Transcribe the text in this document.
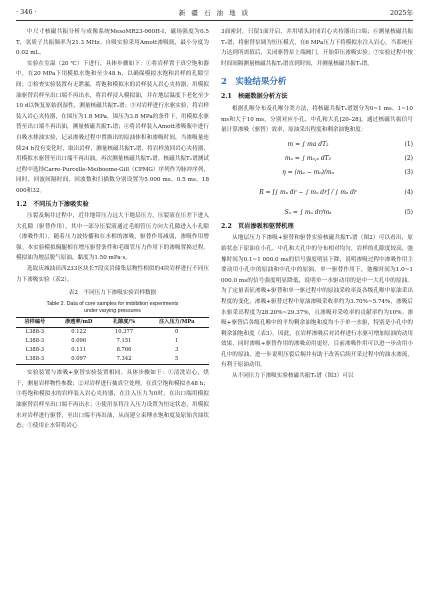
· 346 ·	新 疆 石 油 地 质	2025年

中尺寸核磁共振分析与成像系统MesoMR23-060H-I，磁场强度为0.5 T，氢质子共振频率为21.3 MHz。自吸实验采用Amott渗吸瓶，最小分度为0.02 mL。

实验在室温（20 ℃）下进行，具体步骤如下：①将岩样置于真空饱和器中，在20 MPa下用模拟水饱和至少48 h，以确保模拟水饱和岩样的孔隙空间；②检查实验装置有无泄漏，将饱和模拟水的岩样装入岩心夹持器，用模拟油驱替岩样至出口端不再出水，将岩样浸入模拟油，并在地层温度下老化至少10 d以恢复原始润湿性，测量核磁共振T₂谱；③对岩样进行水驱实验，将岩样装入岩心夹持器，在围压为1.8 MPa，围压为3.8 MPa的条件下，用模拟水驱替至出口端不再出油，测量核磁共振T₂谱；④将岩样装入Amott渗吸瓶中进行自吸水排油实验，记录渗吸过程中置换出的原油体积和渗吸时间，当渗吸量连续24 h没有变化时，取出岩样，测量核磁共振T₂谱，将岩样放回岩心夹持器，用模拟水驱替至出口端不再出油，再次测量核磁共振T₂谱。核磁共振T₂谱测试过程中选择Carre-Purcelle-Meiboome-Gill（CPMG）序列作为脉冲序列，同时，回波间隔时间、回波数和扫描数分别设置为5 000 ms、0.5 ms、18 000和32。

1.2　不同压力下渗吸实验

压裂及焖井过程中，近井地带压力远大于地层压力，压裂液在压差下进入大孔隙（驱替作用），其中一部分压裂液通过毛细管压力向大孔隙进入小孔隙（渗吸作用）。随着压力波传播和在水相的渗吸，驱替作用减弱，渗吸作用增强。本实验模拟焖腿相在增压驱替条件和毛细管压力作用下的渗吸置换过程。模拟油为地层脱气原油，黏度为1.50 mPa·s。

选取庆城油田西233区块长7段页岩储集层物性相似的4块岩样进行不同压力下渗吸实验（表2）。

表2　不同压力下渗吸实验岩样数据
Table 2. Data of core samples for imbibition experiments
under varying pressures
岩样编号	渗透率/mD	孔隙度/%	注入压力/MPa
L388-3	0.122	10.377	0
L388-3	0.096	7.151	1
L388-3	0.111	8.766	3
L388-3	0.097	7.342	5

实验装置与渗吸+驱替实验装置相同。具体步骤如下：①清洗岩心，烘干，测量岩样物性参数；②对岩样进行抽真空处理，在真空饱和模拟水48 h；③将饱和模拟水的岩样装入岩心夹持器，在注入压力为0时，在出口端用模拟油驱替岩样至出口端不再出水；④使用泵将注入压力设置为恒定状态，用模拟水对岩样进行驱替，至出口端不再出油，从而建立束缚水饱和度及原始含油状态；⑤使用止水带将岩心

3面密封，只留1面开启，并用堵头封闭岩心夹持器出口端；⑥测量核磁共振T₂谱，将驱替泵调为恒压模式，在6 MPa压力下将模拟水注入岩心，当系统压力达到所需值后，关闭驱替泵上端阀门，开始带压渗吸实验；⑦实验过程中按时间间隔测量核磁共振T₂谱直到时间，并测量核磁共振T₂谱。

2　实验结果分析
2.1　核磁数据分析方法

根据孔喉分布及孔喉分类方法，将核磁共振T₂谱划分为0~1 ms、1~10 ms和大于10 ms，分别对应小孔、中孔和大孔[20–28]。通过核磁共振信号量计算渗吸（驱替）效率，原油采出程度和剩余油饱和度：

m = ∫ ma dT₂	(1)
mₒ = ∫ mₒ,ₐ dT₂	(2)
η = (mₐ − mₒ)/mₐ	(3)
R = [∫ mₐ dr − ∫ mₒ dr] / ∫ mₐ dr	(4)
Sₒ = ∫ mₒ dr/mₐ	(5)
2.2　页岩渗吸和驱替机理

从地层压力下渗吸+驱替和驱替实验核磁共振T₂谱（图2）可以看出，原始状态下原油在小孔、中孔和大孔中的分布相对均匀，岩样的孔隙度较高，弛豫时间为0.1~1 000.0 ms的信号强度明显下降，说明渗吸过程中渗吸作用主要动用小孔中的原油和中孔中的原油。单一驱替作用下，弛豫时间为1.0~1 000.0 ms的信号强度明显降低，说明单一水驱动用的是中一大孔中的原油。为了定量表征渗吸+驱替和单一驱过程中的原油采收率及各级孔喉中原油采出程度的变化，渗吸+驱替过程中原油渗吸采收率约为3.70%~5.74%，渗吸后水驱采出程度为28.20%~29.37%，且渗吸对采收率的贡献率约为10%。渗吸+驱替后各级孔喉中的平均剩余油饱和度均小于单一水驱，特别是小孔中的剩余油饱和度（表3）。因此，在岩样渗吸后对岩样进行水驱可增加原油的动用效果，同时渗吸+驱替作用的渗吸动用更好，目前渗吸作用可以进一步动用小孔中的原油，进一步说明压裂后焖井有助于改善后续开采过程中的油水渗流，有利于原油动用。

从不同压力下渗吸实验核磁共振T₂谱（图3）可以
